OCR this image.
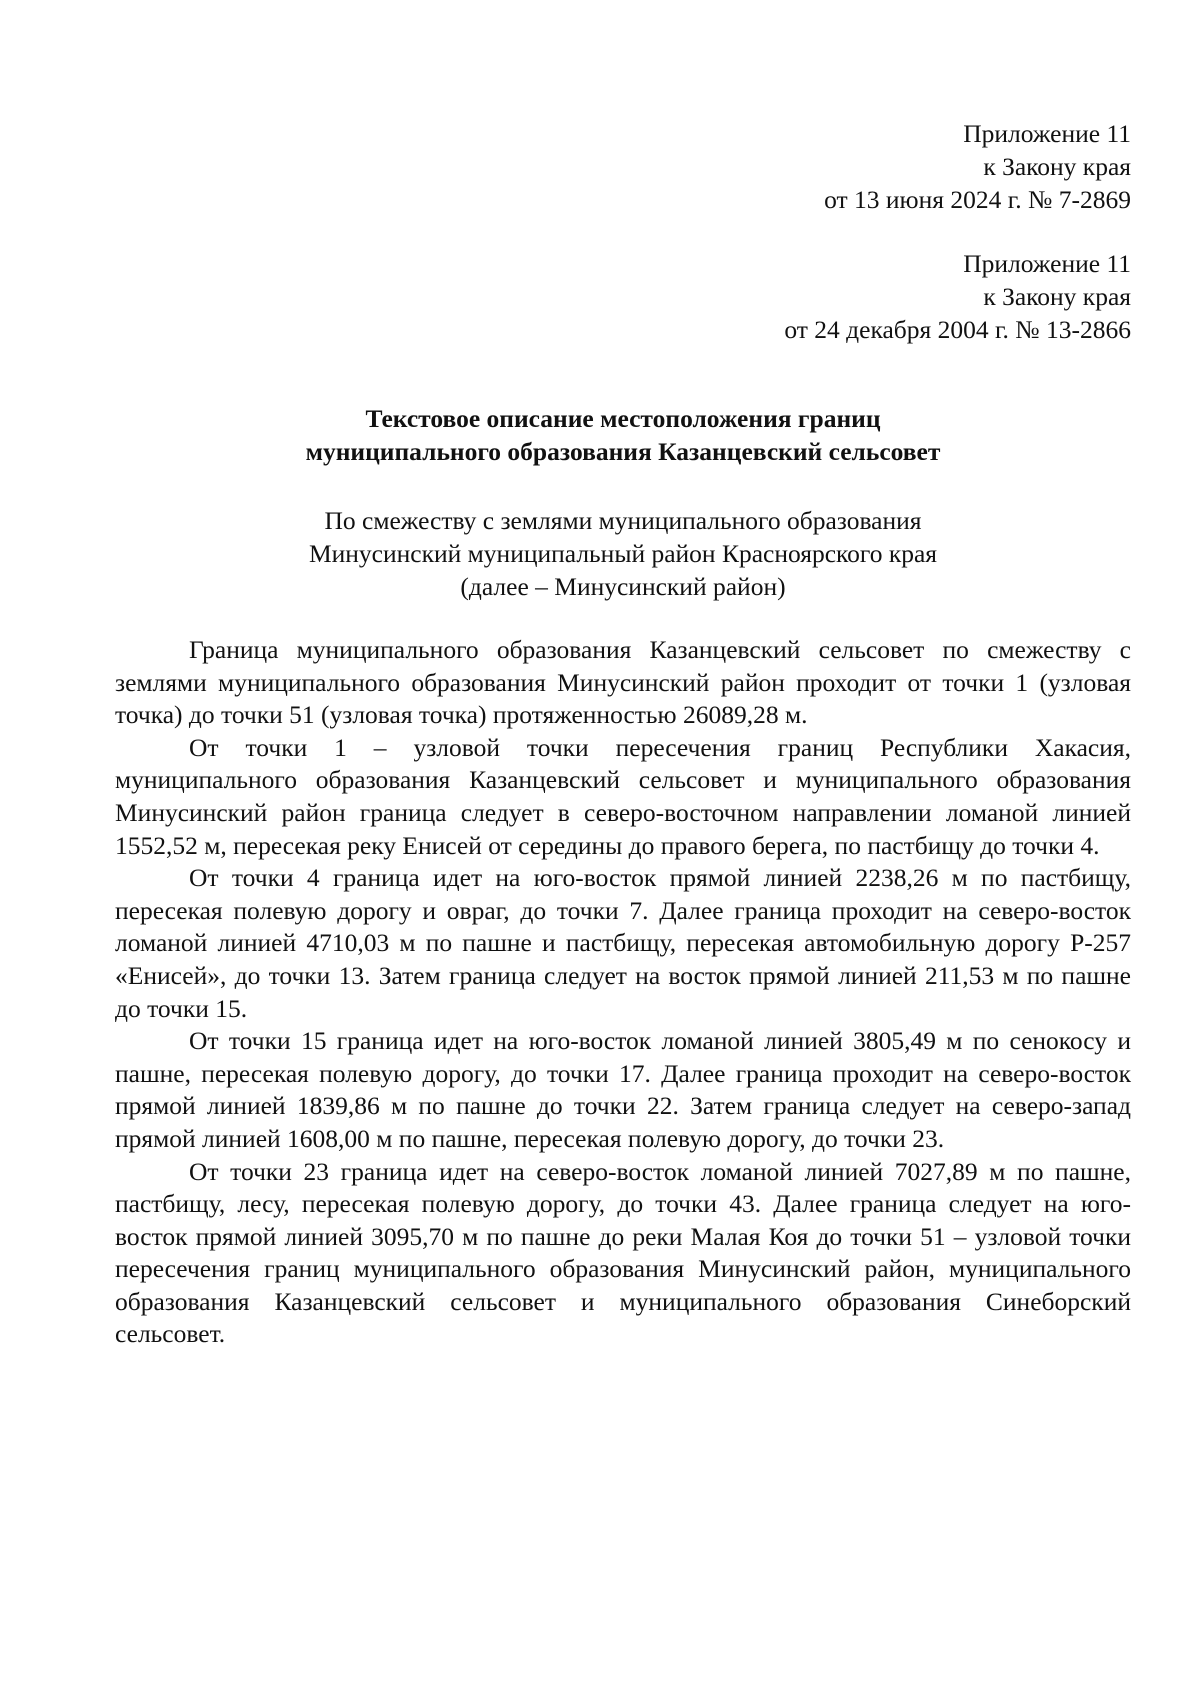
Приложение 11
к Закону края
от 13 июня 2024 г. № 7-2869
Приложение 11
к Закону края
от 24 декабря 2004 г. № 13-2866
Текстовое описание местоположения границ
муниципального образования Казанцевский сельсовет
По смежеству с землями муниципального образования
Минусинский муниципальный район Красноярского края
(далее – Минусинский район)

Граница муниципального образования Казанцевский сельсовет по смежеству с землями муниципального образования Минусинский район проходит от точки 1 (узловая точка) до точки 51 (узловая точка) протяженностью 26089,28 м.

От точки 1 – узловой точки пересечения границ Республики Хакасия, муниципального образования Казанцевский сельсовет и муниципального образования Минусинский район граница следует в северо-восточном направлении ломаной линией 1552,52 м, пересекая реку Енисей от середины до правого берега, по пастбищу до точки 4.

От точки 4 граница идет на юго-восток прямой линией 2238,26 м по пастбищу, пересекая полевую дорогу и овраг, до точки 7. Далее граница проходит на северо-восток ломаной линией 4710,03 м по пашне и пастбищу, пересекая автомобильную дорогу Р-257 «Енисей», до точки 13. Затем граница следует на восток прямой линией 211,53 м по пашне до точки 15.

От точки 15 граница идет на юго-восток ломаной линией 3805,49 м по сенокосу и пашне, пересекая полевую дорогу, до точки 17. Далее граница проходит на северо-восток прямой линией 1839,86 м по пашне до точки 22. Затем граница следует на северо-запад прямой линией 1608,00 м по пашне, пересекая полевую дорогу, до точки 23.

От точки 23 граница идет на северо-восток ломаной линией 7027,89 м по пашне, пастбищу, лесу, пересекая полевую дорогу, до точки 43. Далее граница следует на юго-восток прямой линией 3095,70 м по пашне до реки Малая Коя до точки 51 – узловой точки пересечения границ муниципального образования Минусинский район, муниципального образования Казанцевский сельсовет и муниципального образования Синеборский сельсовет.
